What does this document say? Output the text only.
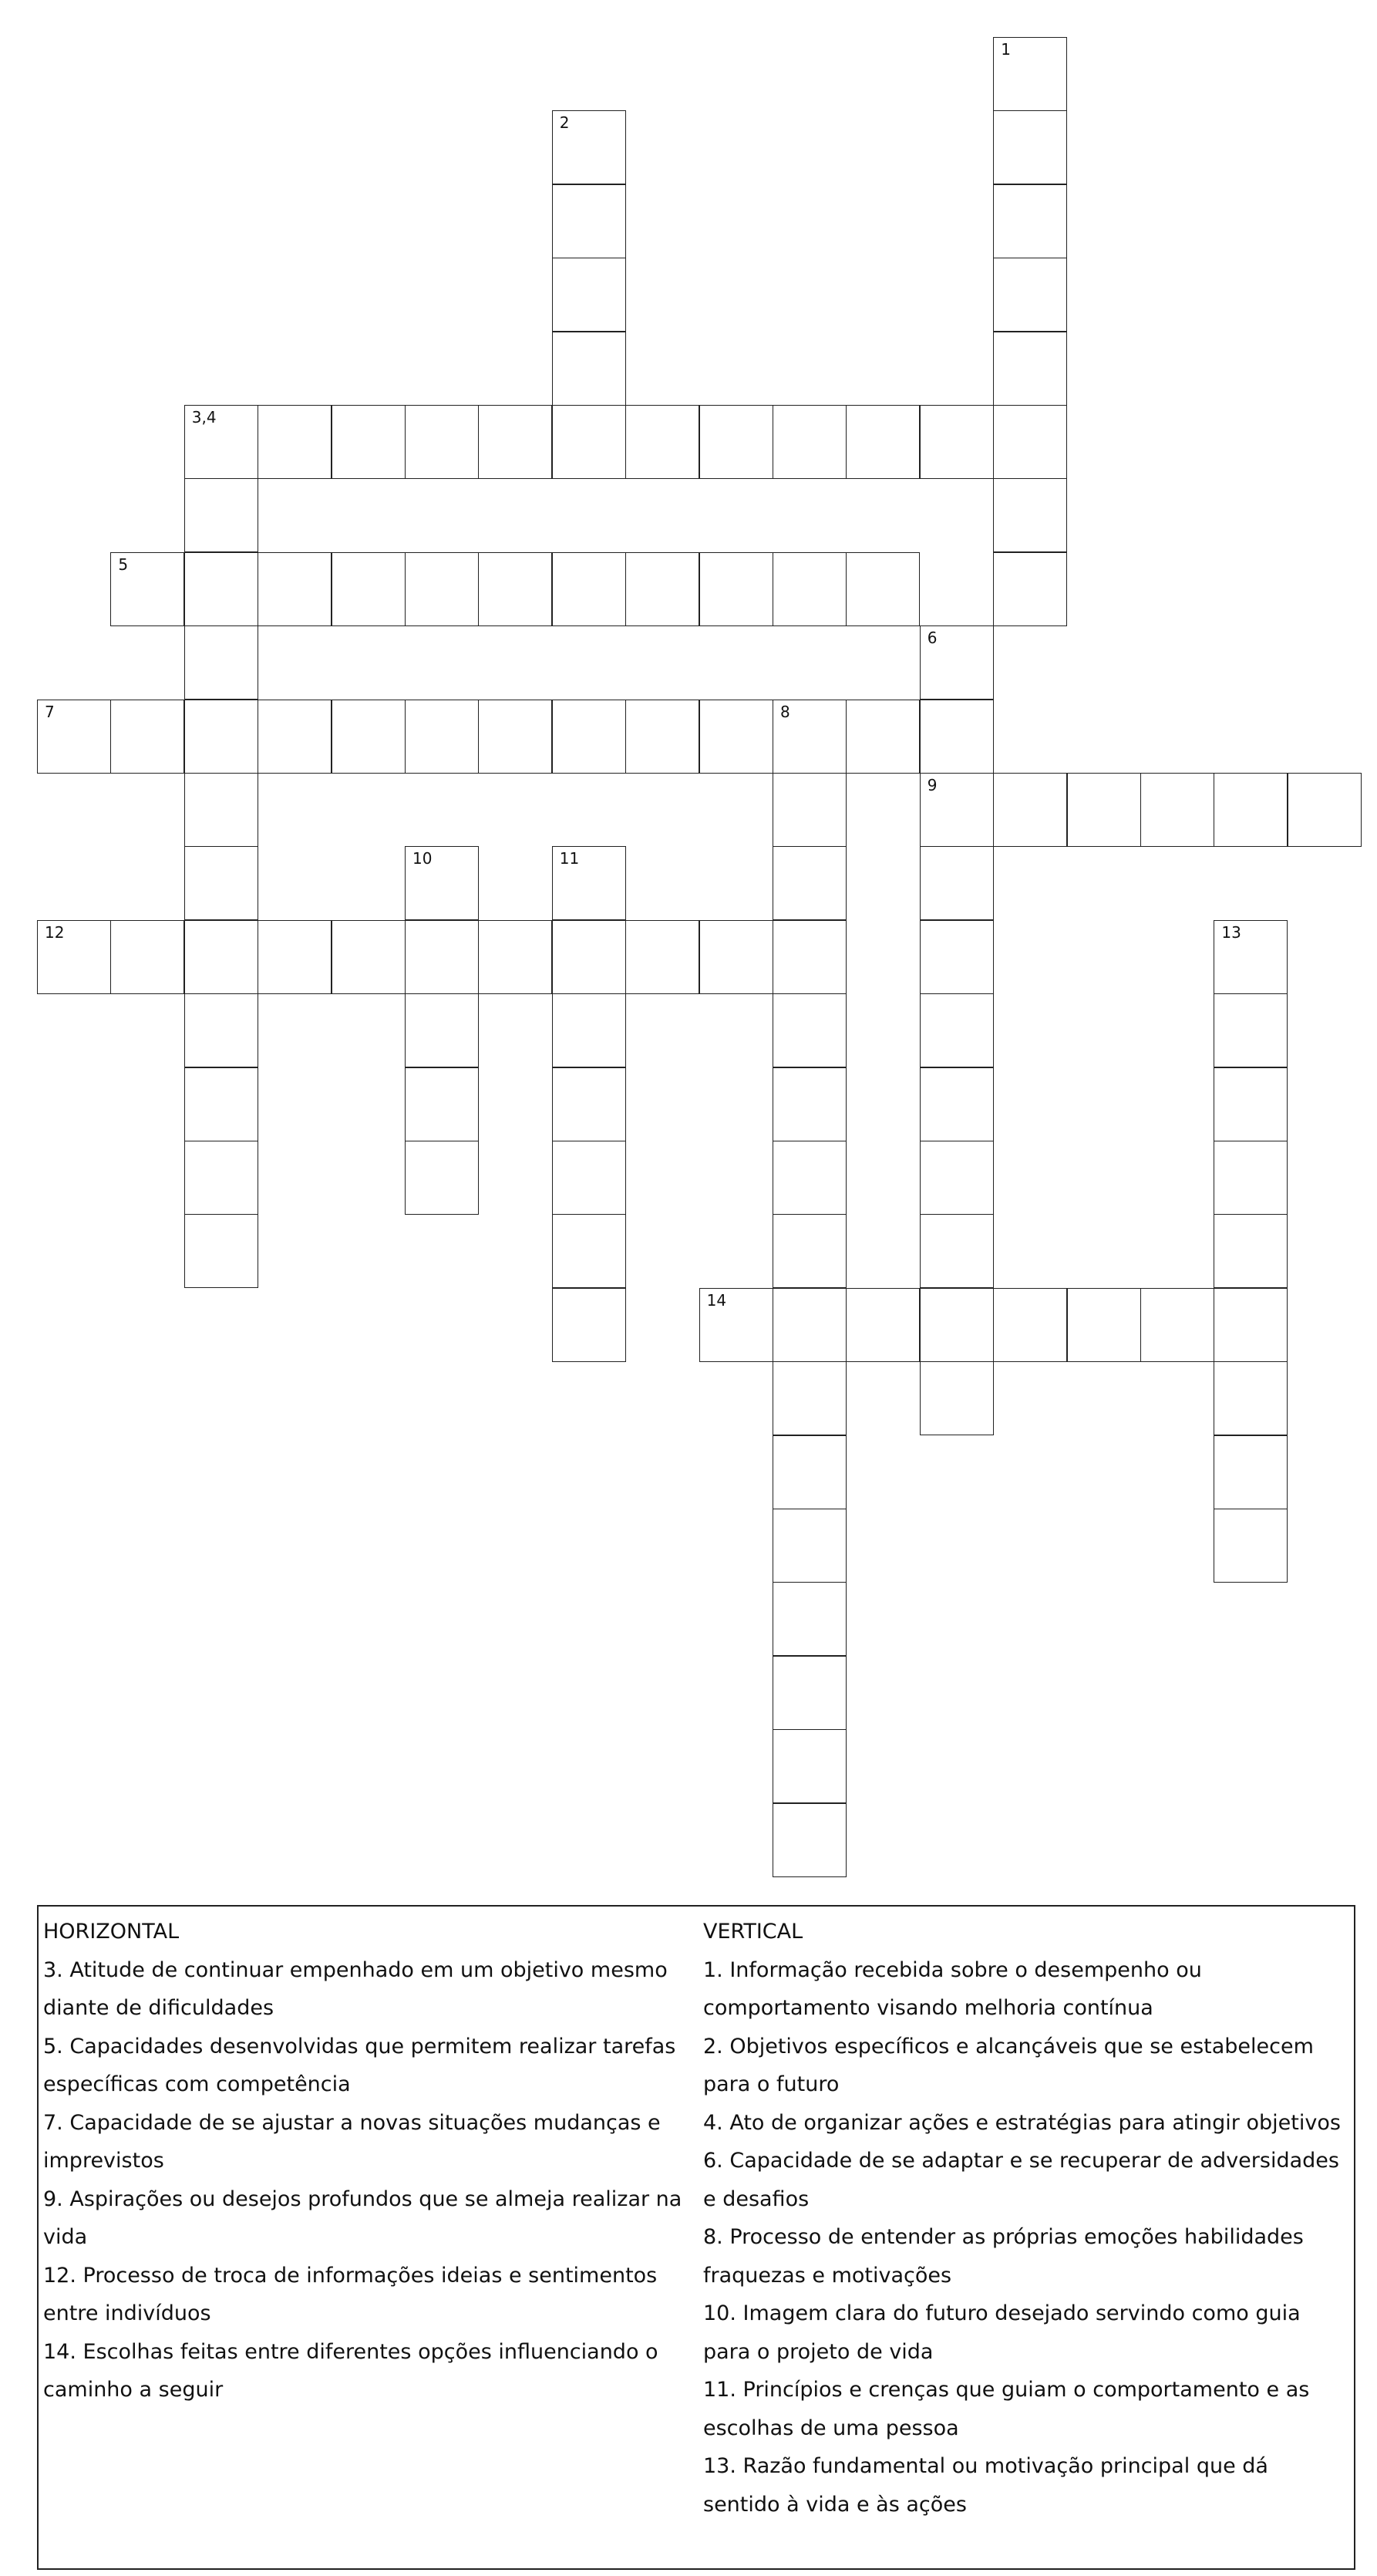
1
2
3,4
5
6
9
7	8
10	11
12	13
14

HORIZONTAL

3. Atitude de continuar empenhado em um objetivo mesmo diante de dificuldades

5. Capacidades desenvolvidas que permitem realizar tarefas específicas com competência

7. Capacidade de se ajustar a novas situações mudanças e imprevistos

9. Aspirações ou desejos profundos que se almeja realizar na vida

12. Processo de troca de informações ideias e sentimentos entre indivíduos

14. Escolhas feitas entre diferentes opções influenciando o caminho a seguir

VERTICAL

1. Informação recebida sobre o desempenho ou comportamento visando melhoria contínua

2. Objetivos específicos e alcançáveis que se estabelecem para o futuro

4. Ato de organizar ações e estratégias para atingir objetivos

6. Capacidade de se adaptar e se recuperar de adversidades e desafios

8. Processo de entender as próprias emoções habilidades fraquezas e motivações

10. Imagem clara do futuro desejado servindo como guia para o projeto de vida

11. Princípios e crenças que guiam o comportamento e as escolhas de uma pessoa

13. Razão fundamental ou motivação principal que dá sentido à vida e às ações
